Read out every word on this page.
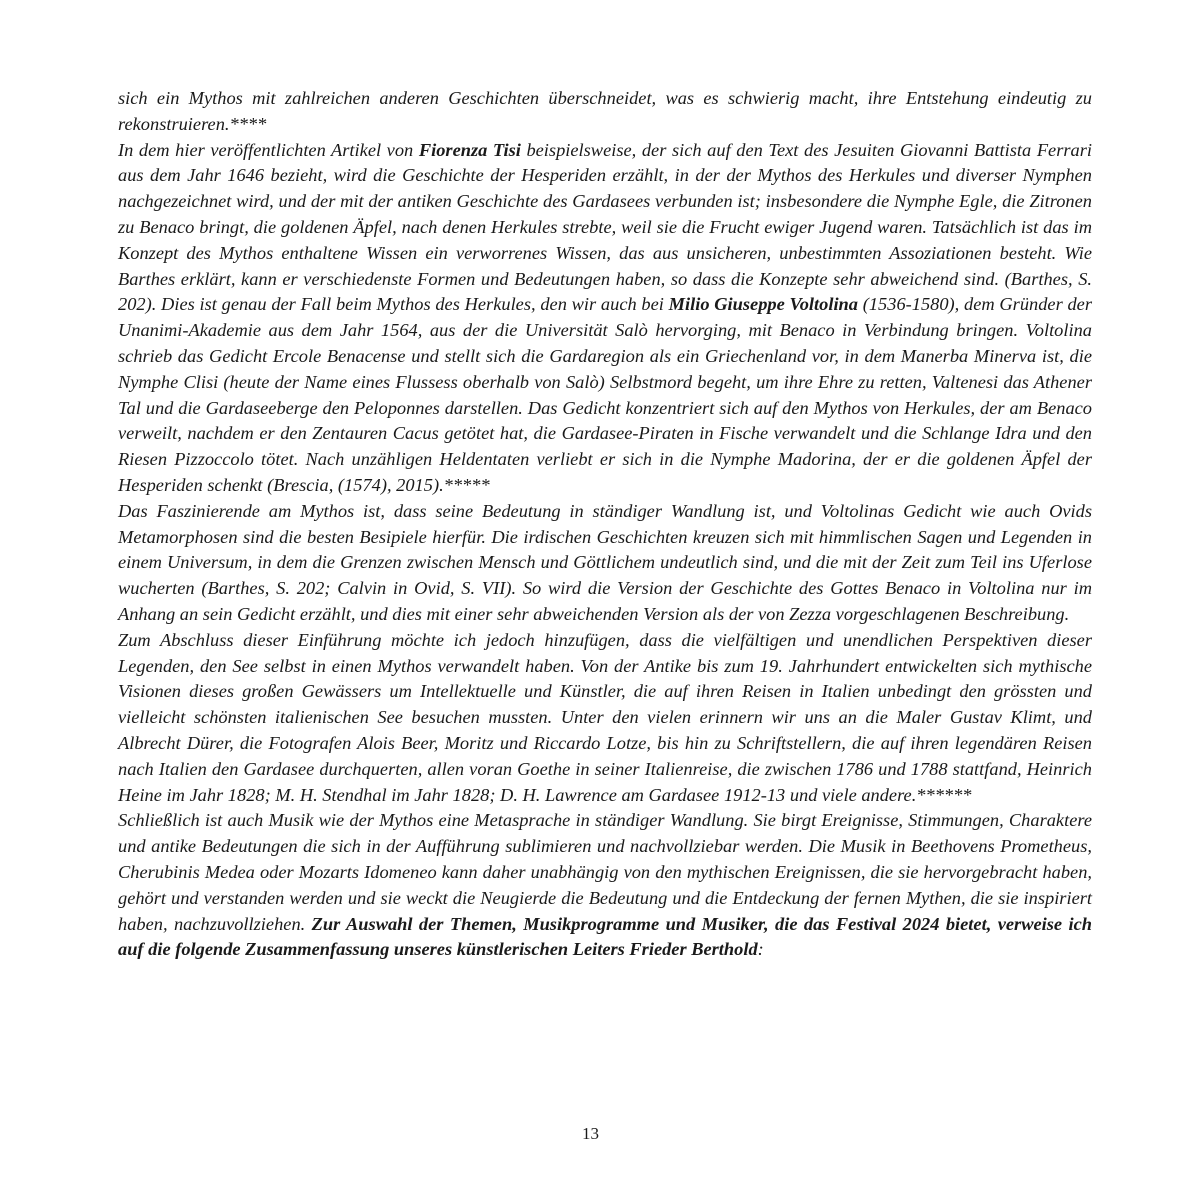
sich ein Mythos mit zahlreichen anderen Geschichten überschneidet, was es schwierig macht, ihre Entstehung eindeutig zu rekonstruieren.****

In dem hier veröffentlichten Artikel von Fiorenza Tisi beispielsweise, der sich auf den Text des Jesuiten Giovanni Battista Ferrari aus dem Jahr 1646 bezieht, wird die Geschichte der Hesperiden erzählt, in der der Mythos des Herkules und diverser Nymphen nachgezeichnet wird, und der mit der antiken Geschichte des Gardasees verbunden ist; insbesondere die Nymphe Egle, die Zitronen zu Benaco bringt, die goldenen Äpfel, nach denen Herkules strebte, weil sie die Frucht ewiger Jugend waren. Tatsächlich ist das im Konzept des Mythos enthaltene Wissen ein verworrenes Wissen, das aus unsicheren, unbestimmten Assoziationen besteht. Wie Barthes erklärt, kann er verschiedenste Formen und Bedeutungen haben, so dass die Konzepte sehr abweichend sind. (Barthes, S. 202). Dies ist genau der Fall beim Mythos des Herkules, den wir auch bei Milio Giuseppe Voltolina (1536-1580), dem Gründer der Unanimi-Akademie aus dem Jahr 1564, aus der die Universität Salò hervorging, mit Benaco in Verbindung bringen. Voltolina schrieb das Gedicht Ercole Benacense und stellt sich die Gardaregion als ein Griechenland vor, in dem Manerba Minerva ist, die Nymphe Clisi (heute der Name eines Flussess oberhalb von Salò) Selbstmord begeht, um ihre Ehre zu retten, Valtenesi das Athener Tal und die Gardaseeberge den Peloponnes darstellen. Das Gedicht konzentriert sich auf den Mythos von Herkules, der am Benaco verweilt, nachdem er den Zentauren Cacus getötet hat, die Gardasee-Piraten in Fische verwandelt und die Schlange Idra und den Riesen Pizzoccolo tötet. Nach unzähligen Heldentaten verliebt er sich in die Nymphe Madorina, der er die goldenen Äpfel der Hesperiden schenkt (Brescia, (1574), 2015).*****

Das Faszinierende am Mythos ist, dass seine Bedeutung in ständiger Wandlung ist, und Voltolinas Gedicht wie auch Ovids Metamorphosen sind die besten Besipiele hierfür. Die irdischen Geschichten kreuzen sich mit himmlischen Sagen und Legenden in einem Universum, in dem die Grenzen zwischen Mensch und Göttlichem undeutlich sind, und die mit der Zeit zum Teil ins Uferlose wucherten (Barthes, S. 202; Calvin in Ovid, S. VII). So wird die Version der Geschichte des Gottes Benaco in Voltolina nur im Anhang an sein Gedicht erzählt, und dies mit einer sehr abweichenden Version als der von Zezza vorgeschlagenen Beschreibung.

Zum Abschluss dieser Einführung möchte ich jedoch hinzufügen, dass die vielfältigen und unendlichen Perspektiven dieser Legenden, den See selbst in einen Mythos verwandelt haben. Von der Antike bis zum 19. Jahrhundert entwickelten sich mythische Visionen dieses großen Gewässers um Intellektuelle und Künstler, die auf ihren Reisen in Italien unbedingt den grössten und vielleicht schönsten italienischen See besuchen mussten. Unter den vielen erinnern wir uns an die Maler Gustav Klimt, und Albrecht Dürer, die Fotografen Alois Beer, Moritz und Riccardo Lotze, bis hin zu Schriftstellern, die auf ihren legendären Reisen nach Italien den Gardasee durchquerten, allen voran Goethe in seiner Italienreise, die zwischen 1786 und 1788 stattfand, Heinrich Heine im Jahr 1828; M. H. Stendhal im Jahr 1828; D. H. Lawrence am Gardasee 1912-13 und viele andere.******

Schließlich ist auch Musik wie der Mythos eine Metasprache in ständiger Wandlung. Sie birgt Ereignisse, Stimmungen, Charaktere und antike Bedeutungen die sich in der Aufführung sublimieren und nachvollziebar werden. Die Musik in Beethovens Prometheus, Cherubinis Medea oder Mozarts Idomeneo kann daher unabhängig von den mythischen Ereignissen, die sie hervorgebracht haben, gehört und verstanden werden und sie weckt die Neugierde die Bedeutung und die Entdeckung der fernen Mythen, die sie inspiriert haben, nachzuvollziehen. Zur Auswahl der Themen, Musikprogramme und Musiker, die das Festival 2024 bietet, verweise ich auf die folgende Zusammenfassung unseres künstlerischen Leiters Frieder Berthold:

13
